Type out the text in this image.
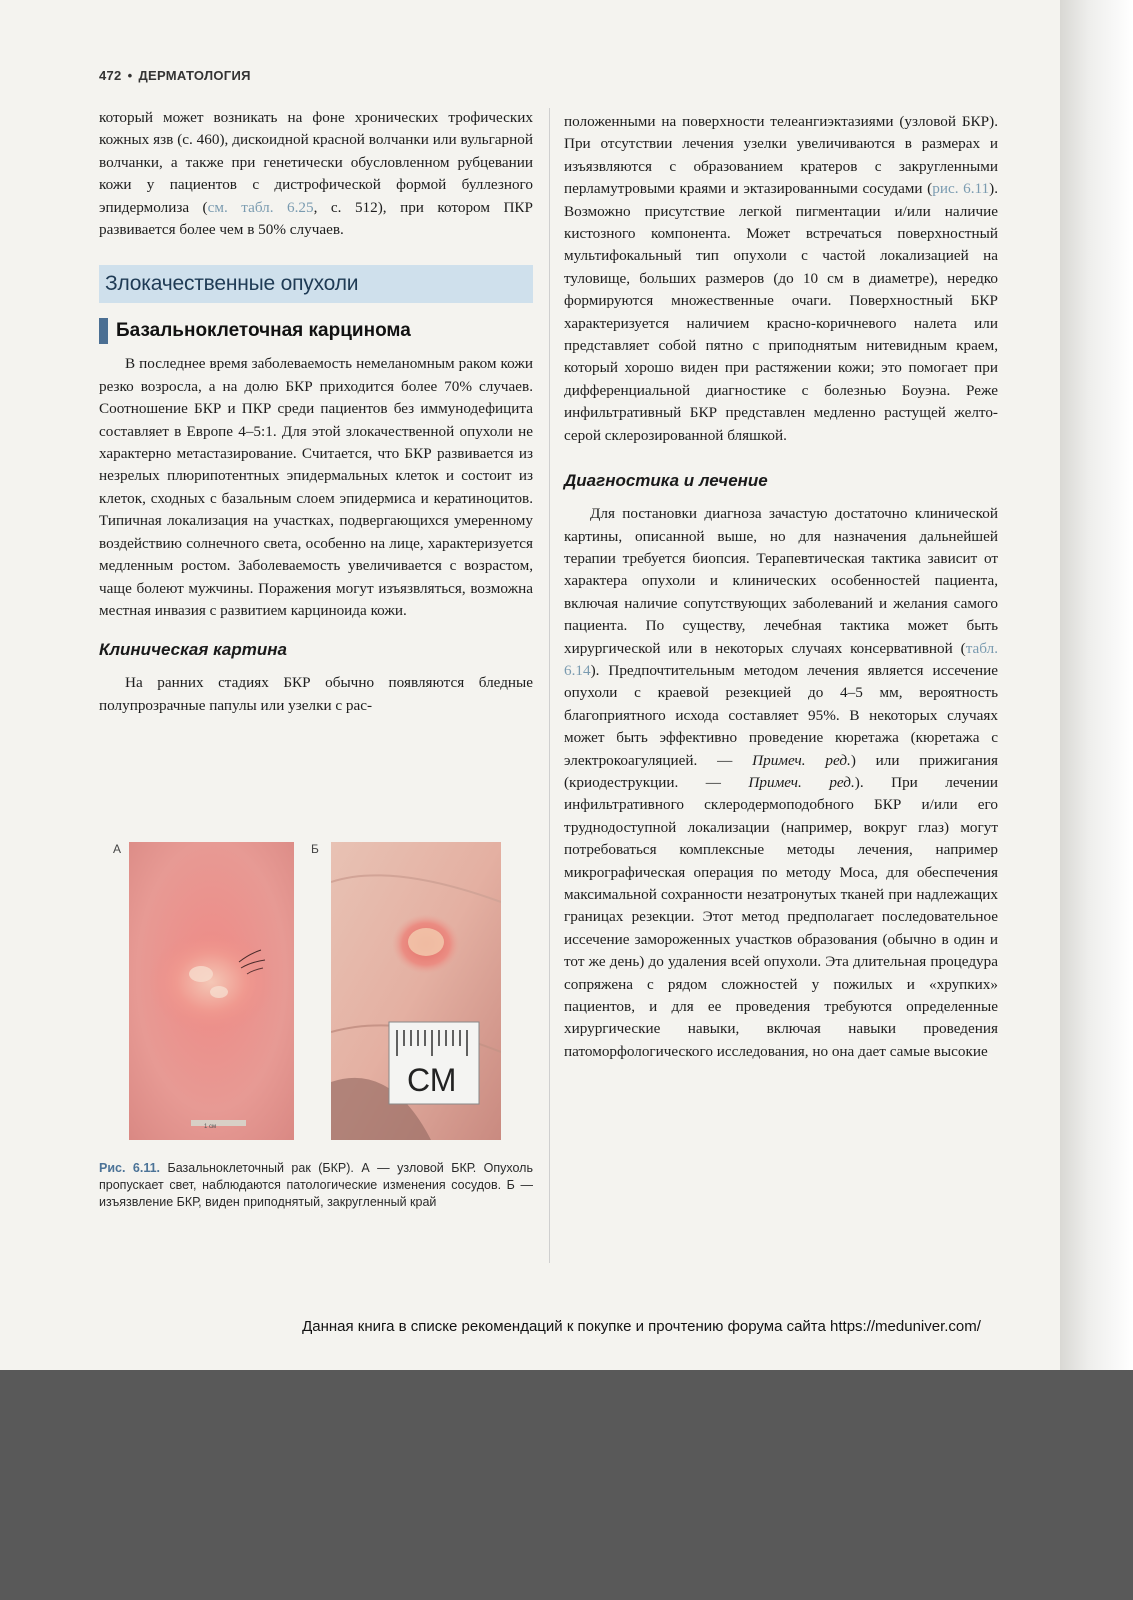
472 • ДЕРМАТОЛОГИЯ

который может возникать на фоне хронических трофических кожных язв (с. 460), дискоидной красной волчанки или вульгарной волчанки, а также при генетически обусловленном рубцевании кожи у пациентов с дистрофической формой буллезного эпидермолиза (см. табл. 6.25, с. 512), при котором ПКР развивается более чем в 50% случаев.

Злокачественные опухоли
Базальноклеточная карцинома

В последнее время заболеваемость немеланомным раком кожи резко возросла, а на долю БКР приходится более 70% случаев. Соотношение БКР и ПКР среди пациентов без иммунодефицита составляет в Европе 4–5:1. Для этой злокачественной опухоли не характерно метастазирование. Считается, что БКР развивается из незрелых плюрипотентных эпидермальных клеток и состоит из клеток, сходных с базальным слоем эпидермиса и кератиноцитов. Типичная локализация на участках, подвергающихся умеренному воздействию солнечного света, особенно на лице, характеризуется медленным ростом. Заболеваемость увеличивается с возрастом, чаще болеют мужчины. Поражения могут изъязвляться, возможна местная инвазия с развитием карциноида кожи.

Клиническая картина

На ранних стадиях БКР обычно появляются бледные полупрозрачные папулы или узелки с рас-

А	Б
1 см
СМ
Рис. 6.11. Базальноклеточный рак (БКР). А — узловой БКР. Опухоль пропускает свет, наблюдаются патологические изменения сосудов. Б — изъязвление БКР, виден приподнятый, закругленный край

положенными на поверхности телеангиэктазиями (узловой БКР). При отсутствии лечения узелки увеличиваются в размерах и изъязвляются с образованием кратеров с закругленными перламутровыми краями и эктазированными сосудами (рис. 6.11). Возможно присутствие легкой пигментации и/или наличие кистозного компонента. Может встречаться поверхностный мультифокальный тип опухоли с частой локализацией на туловище, больших размеров (до 10 см в диаметре), нередко формируются множественные очаги. Поверхностный БКР характеризуется наличием красно-коричневого налета или представляет собой пятно с приподнятым нитевидным краем, который хорошо виден при растяжении кожи; это помогает при дифференциальной диагностике с болезнью Боуэна. Реже инфильтративный БКР представлен медленно растущей желто-серой склерозированной бляшкой.

Диагностика и лечение

Для постановки диагноза зачастую достаточно клинической картины, описанной выше, но для назначения дальнейшей терапии требуется биопсия. Терапевтическая тактика зависит от характера опухоли и клинических особенностей пациента, включая наличие сопутствующих заболеваний и желания самого пациента. По существу, лечебная тактика может быть хирургической или в некоторых случаях консервативной (табл. 6.14). Предпочтительным методом лечения является иссечение опухоли с краевой резекцией до 4–5 мм, вероятность благоприятного исхода составляет 95%. В некоторых случаях может быть эффективно проведение кюретажа (кюретажа с электрокоагуляцией. — Примеч. ред.) или прижигания (криодеструкции. — Примеч. ред.). При лечении инфильтративного склеродермоподобного БКР и/или его труднодоступной локализации (например, вокруг глаз) могут потребоваться комплексные методы лечения, например микрографическая операция по методу Моса, для обеспечения максимальной сохранности незатронутых тканей при надлежащих границах резекции. Этот метод предполагает последовательное иссечение замороженных участков образования (обычно в один и тот же день) до удаления всей опухоли. Эта длительная процедура сопряжена с рядом сложностей у пожилых и «хрупких» пациентов, и для ее проведения требуются определенные хирургические навыки, включая навыки проведения патоморфологического исследования, но она дает самые высокие

Данная книга в списке рекомендаций к покупке и прочтению форума сайта https://meduniver.com/
